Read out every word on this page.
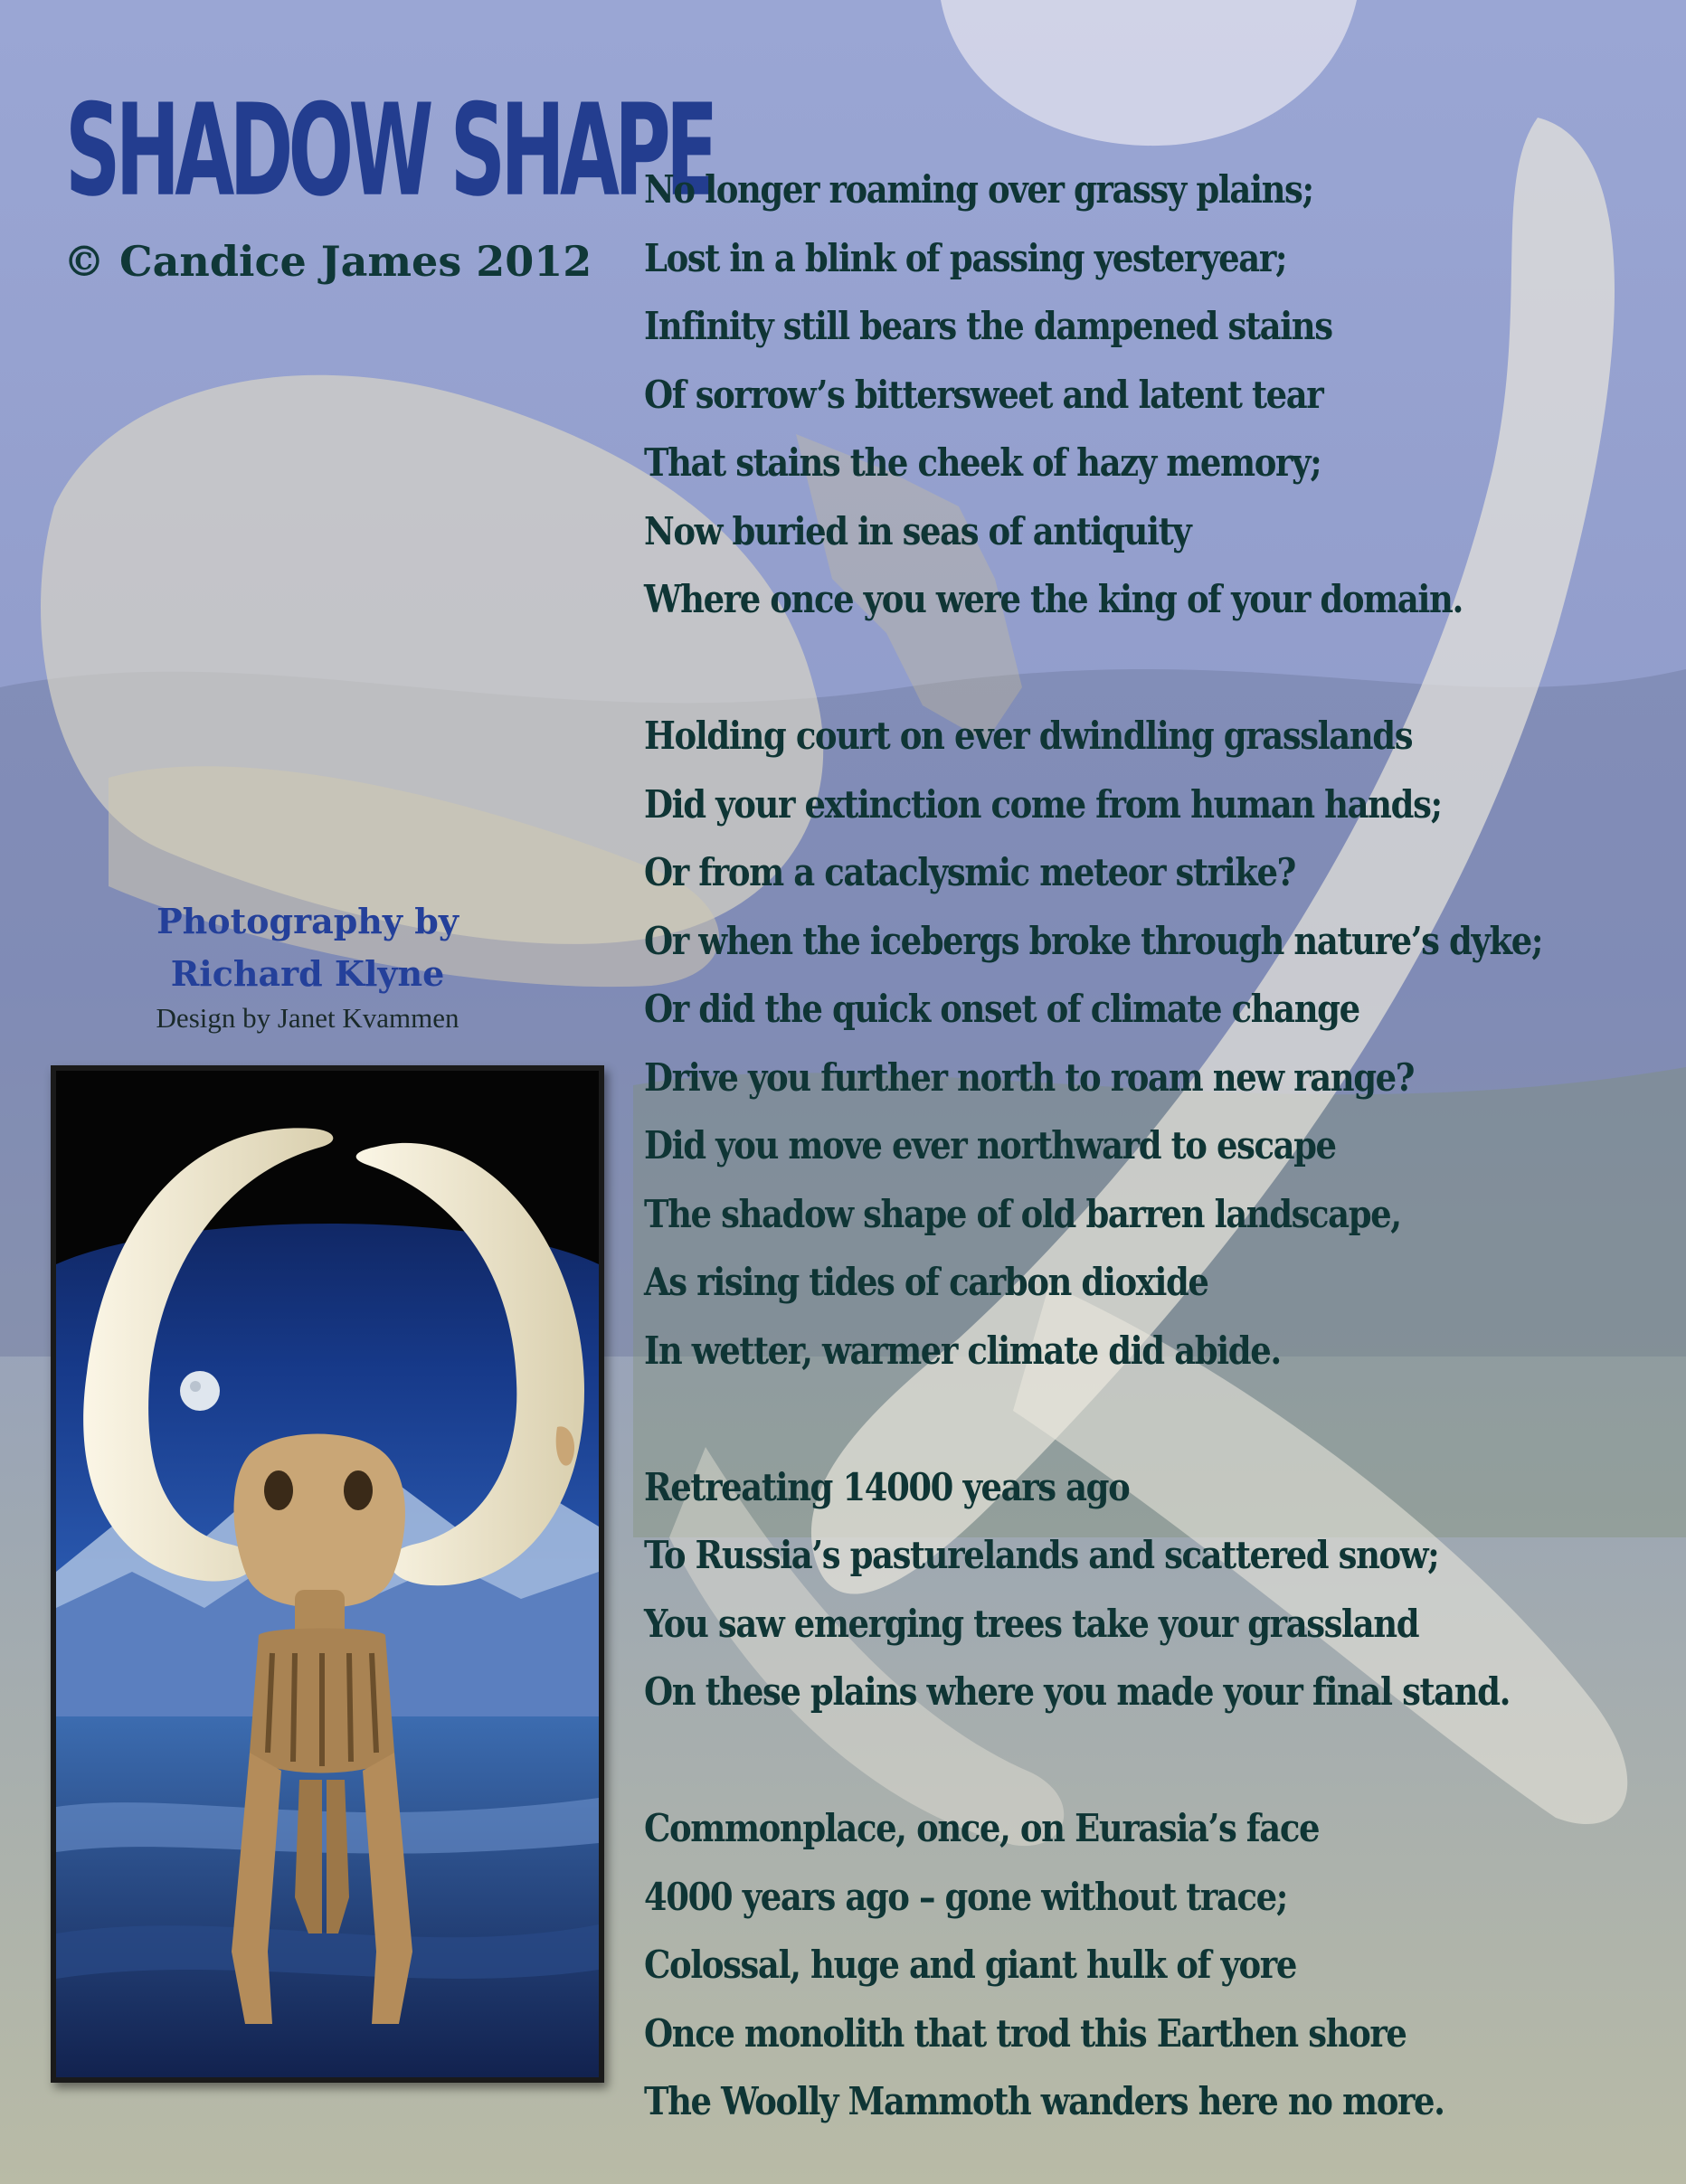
SHADOW SHAPE
© Candice James 2012
No longer roaming over grassy plains;
Lost in a blink of passing yesteryear;
Infinity still bears the dampened stains
Of sorrow’s bittersweet and latent tear
That stains the cheek of hazy memory;
Now buried in seas of antiquity
Where once you were the king of your domain.
Holding court on ever dwindling grasslands
Did your extinction come from human hands;
Or from a cataclysmic meteor strike?
Or when the icebergs broke through nature’s dyke;
Or did the quick onset of climate change
Drive you further north to roam new range?
Did you move ever northward to escape
The shadow shape of old barren landscape,
As rising tides of carbon dioxide
In wetter, warmer climate did abide.
Retreating 14000 years ago
To Russia’s pasturelands and scattered snow;
You saw emerging trees take your grassland
On these plains where you made your final stand.
Commonplace, once, on Eurasia’s face
4000 years ago – gone without trace;
Colossal, huge and giant hulk of yore
Once monolith that trod this Earthen shore
The Woolly Mammoth wanders here no more.
Photography by
Richard Klyne
Design by Janet Kvammen
